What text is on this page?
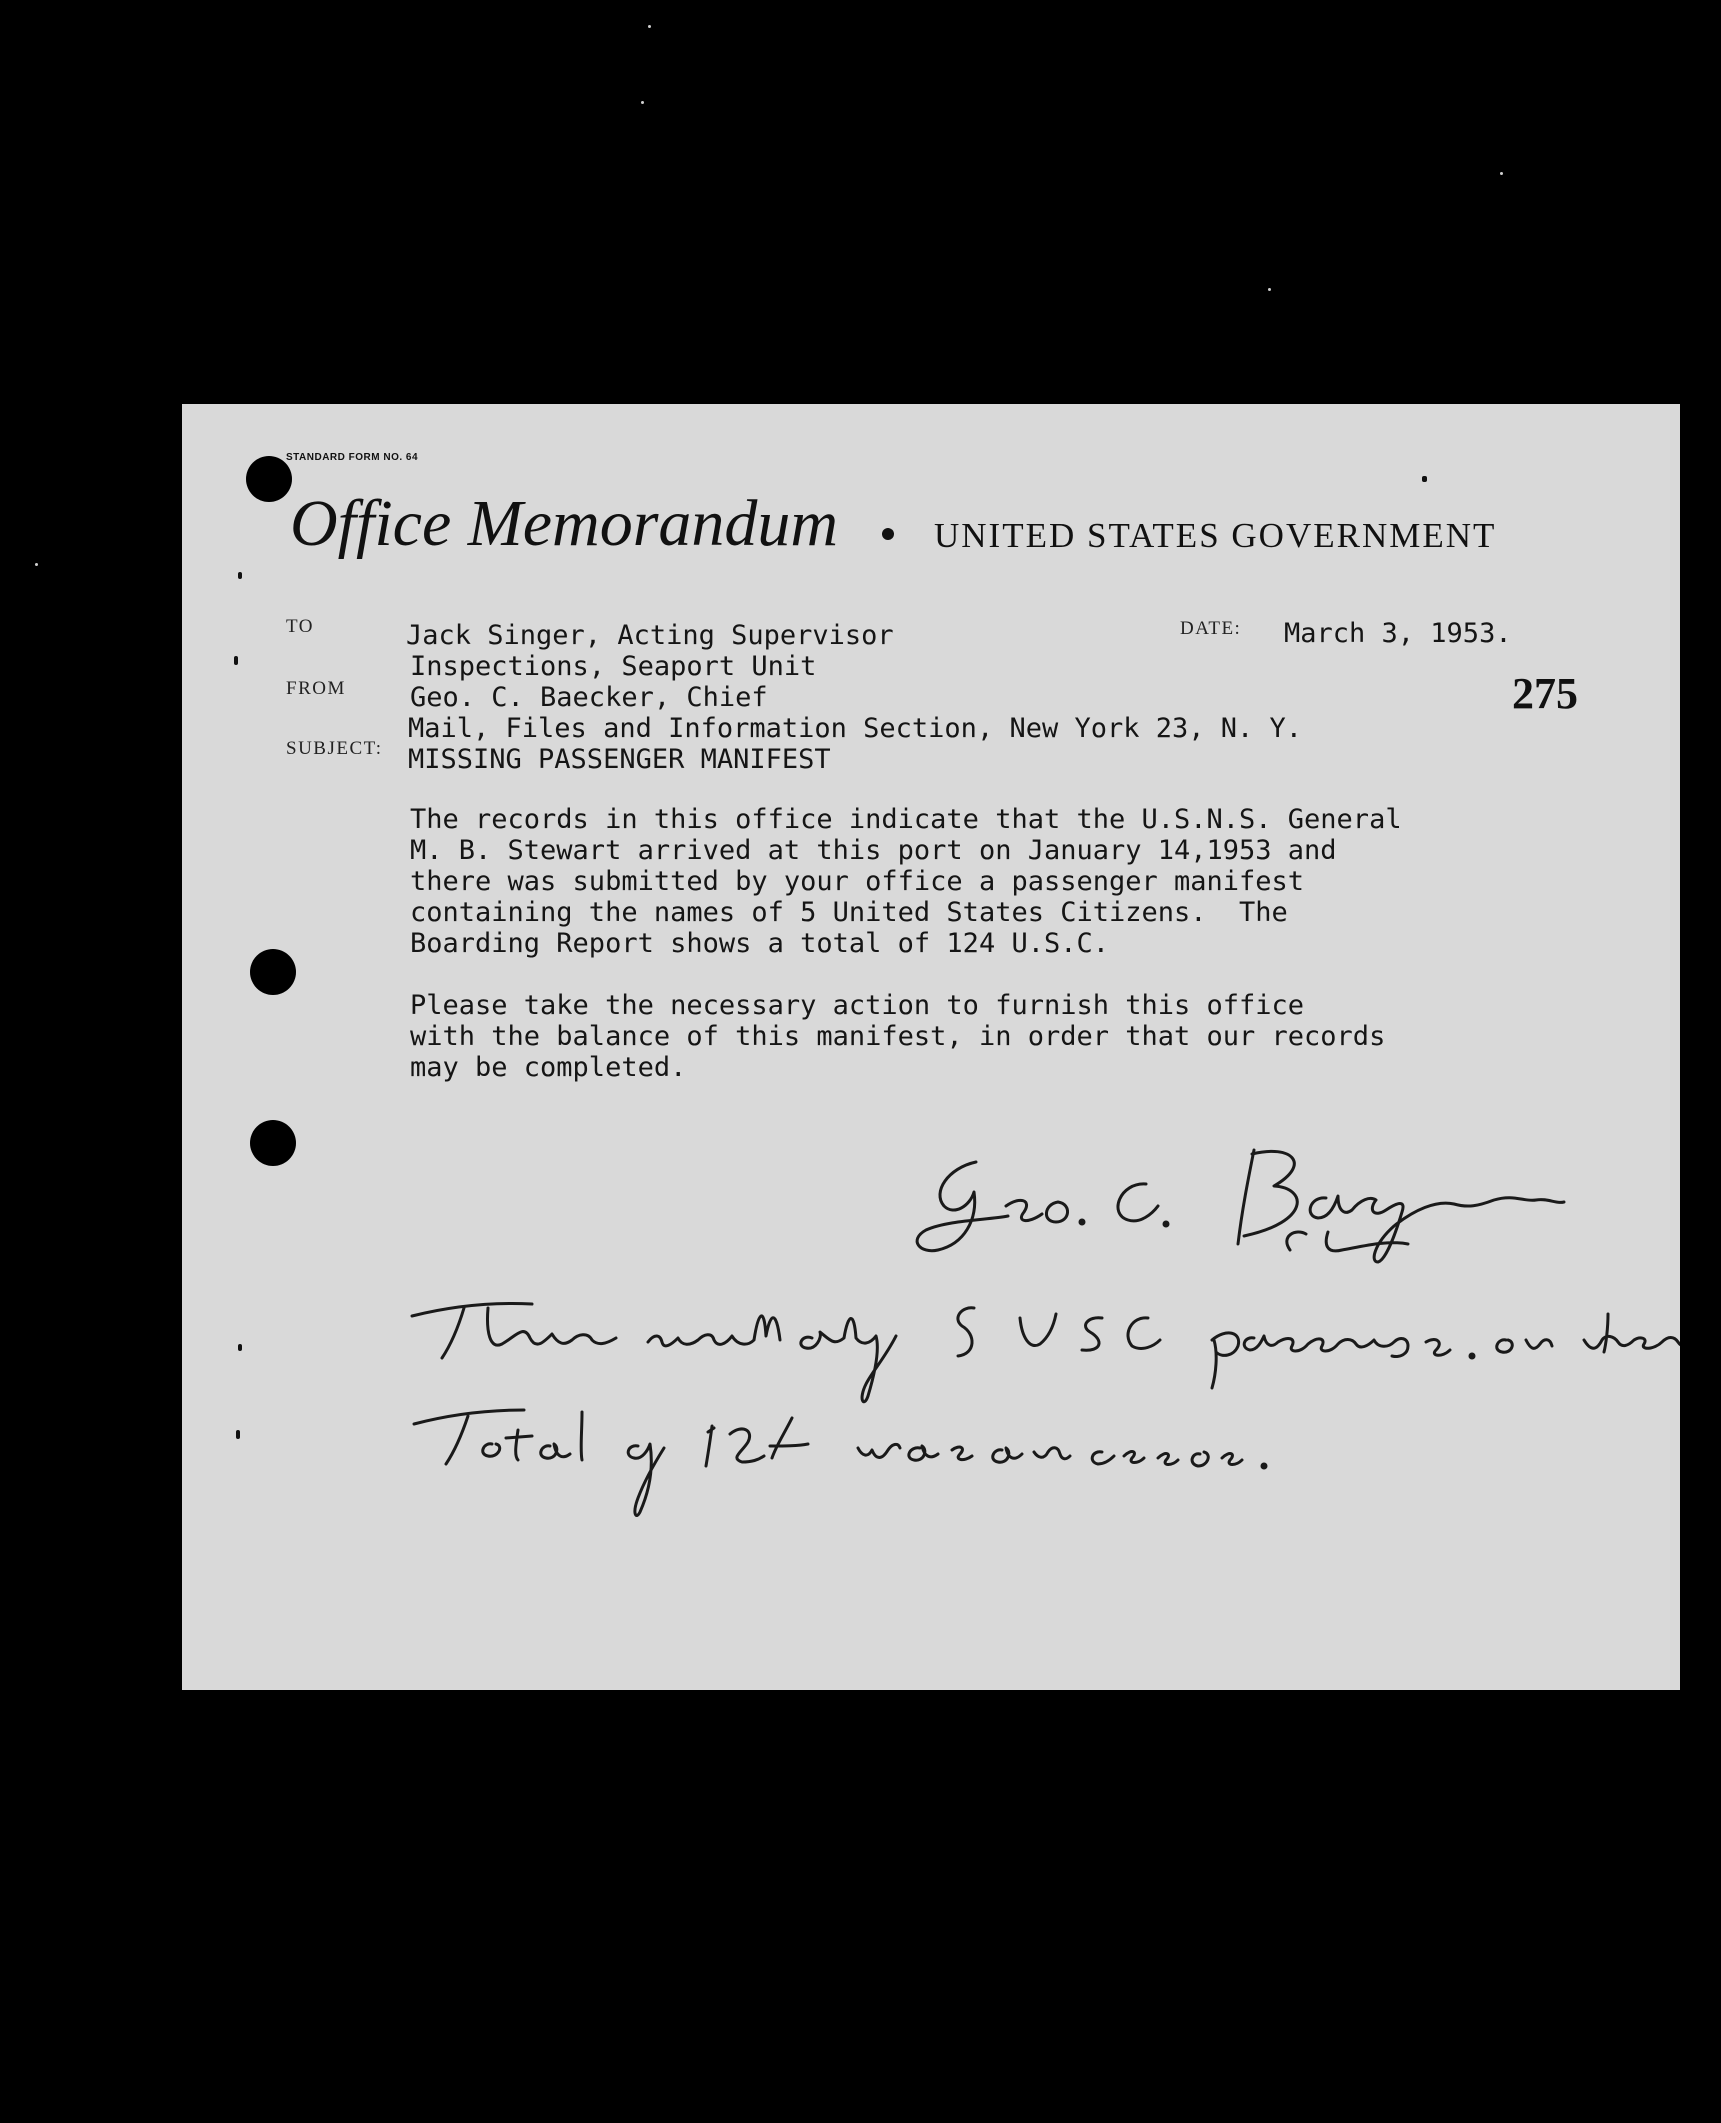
STANDARD FORM NO. 64
Office Memorandum	UNITED STATES GOVERNMENT
TO
FROM
SUBJECT:
DATE:
Jack Singer, Acting Supervisor
Inspections, Seaport Unit
Geo. C. Baecker, Chief
Mail, Files and Information Section, New York 23, N. Y.
MISSING PASSENGER MANIFEST
March 3, 1953.
275
The records in this office indicate that the U.S.N.S. General
M. B. Stewart arrived at this port on January 14,1953 and
there was submitted by your office a passenger manifest
containing the names of 5 United States Citizens.  The
Boarding Report shows a total of 124 U.S.C.
Please take the necessary action to furnish this office
with the balance of this manifest, in order that our records
may be completed.
